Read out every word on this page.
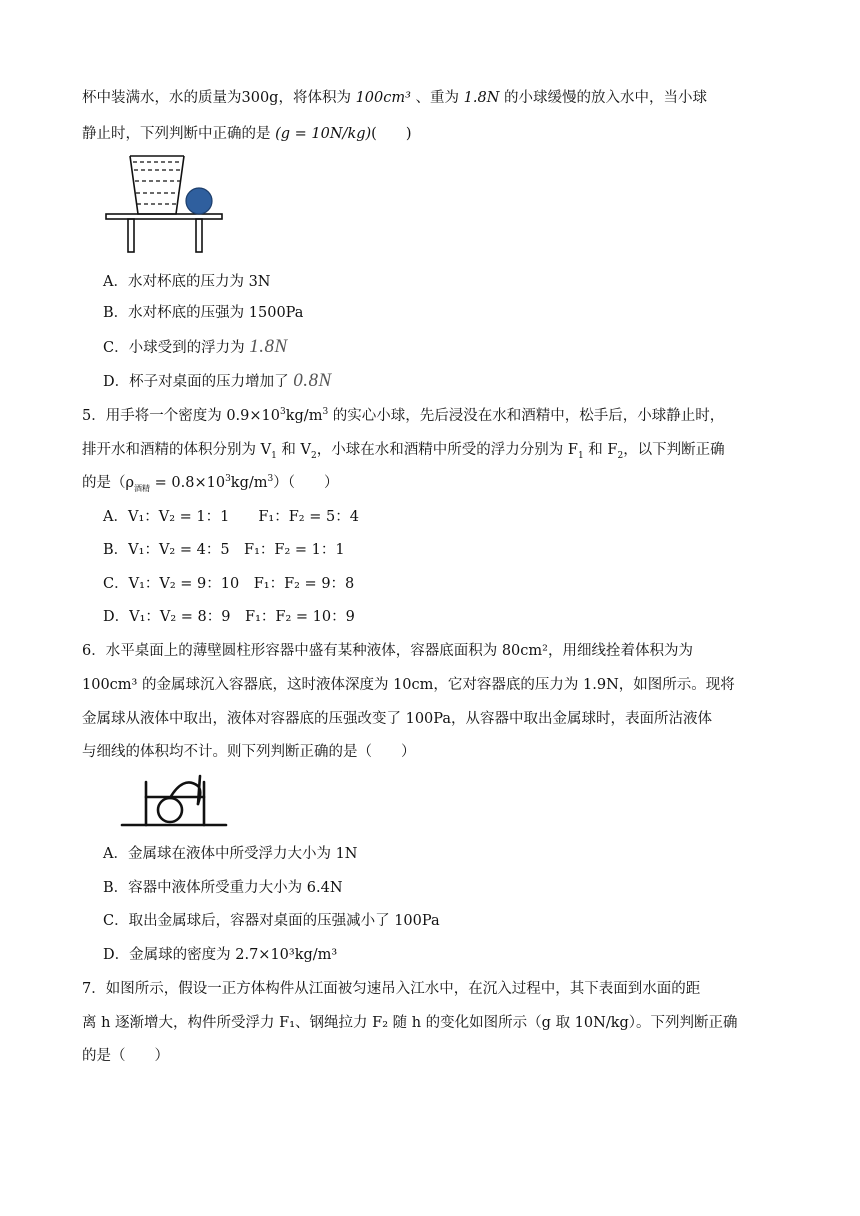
杯中装满水，水的质量为300g，将体积为 100cm³ 、重为 1.8N 的小球缓慢的放入水中，当小球
静止时，下列判断中正确的是 (g = 10N/kg)(　　)
A．水对杯底的压力为 3N
B．水对杯底的压强为 1500Pa
C．小球受到的浮力为 1.8N
D．杯子对桌面的压力增加了 0.8N
5．用手将一个密度为 $0.9\times 10^3kg/m^3$ 的实心小球，先后浸没在水和酒精中，松手后，小球静止时，
排开水和酒精的体积分别为 $V_1$ 和 $V_2$，小球在水和酒精中所受的浮力分别为 $F_1$ 和 $F_2$，以下判断正确
的是$(\rho_{酒精} = 0.8\times 10^3kg/m^3)$（　　）
A．V₁：V₂ = 1：1　　F₁：F₂ = 5：4
B．V₁：V₂ = 4：5　F₁：F₂ = 1：1
C．V₁：V₂ = 9：10　F₁：F₂ = 9：8
D．V₁：V₂ = 8：9　F₁：F₂ = 10：9
6．水平桌面上的薄壁圆柱形容器中盛有某种液体，容器底面积为 80cm²，用细线拴着体积为为
100cm³ 的金属球沉入容器底，这时液体深度为 10cm，它对容器底的压力为 1.9N，如图所示。现将
金属球从液体中取出，液体对容器底的压强改变了 100Pa，从容器中取出金属球时，表面所沾液体
与细线的体积均不计。则下列判断正确的是（　　）
A．金属球在液体中所受浮力大小为 1N
B．容器中液体所受重力大小为 6.4N
C．取出金属球后，容器对桌面的压强减小了 100Pa
D．金属球的密度为 2.7×10³kg/m³
7．如图所示，假设一正方体构件从江面被匀速吊入江水中，在沉入过程中，其下表面到水面的距
离 h 逐渐增大，构件所受浮力 F₁、钢绳拉力 F₂ 随 h 的变化如图所示（g 取 10N/kg）。下列判断正确
的是（　　）
